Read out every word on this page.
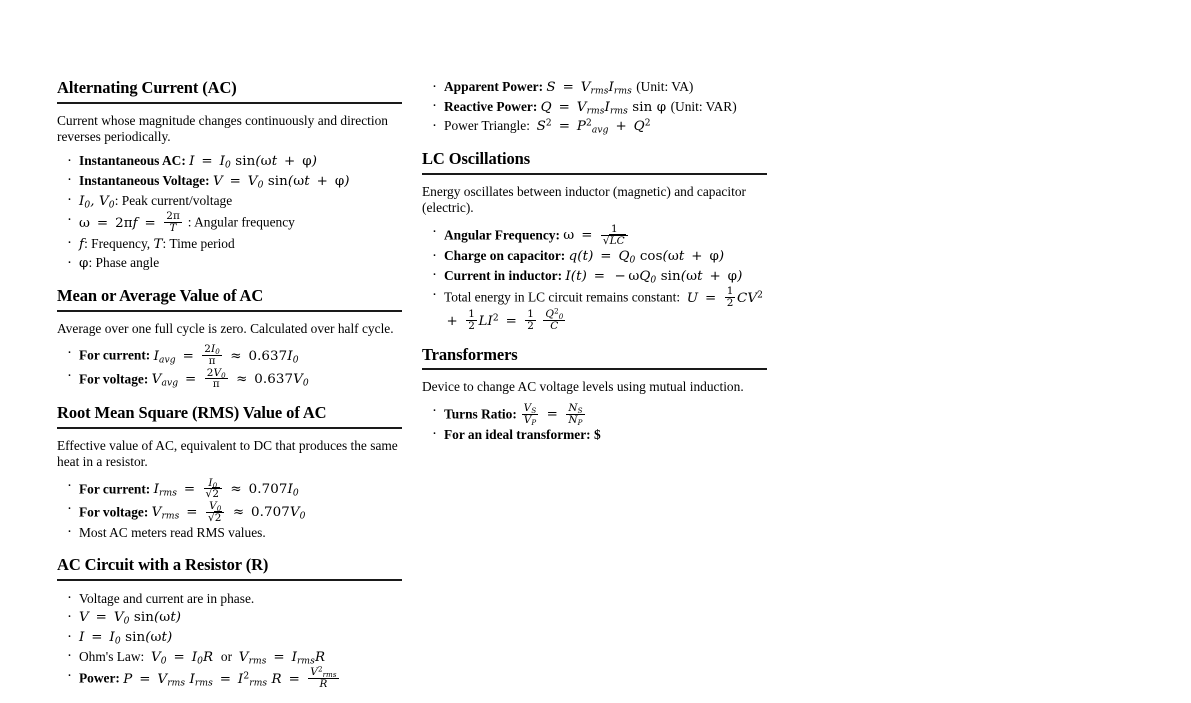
Alternating Current (AC)

Current whose magnitude changes continuously and direction reverses periodically.

· Instantaneous AC: $I = I_0$ sin(ωt + φ)
· Instantaneous Voltage: $V = V_0$ sin(ωt + φ)
· $I_0$, $V_0$: Peak current/voltage
· $\omega = 2\pi f = \frac{2\pi}{T}$ : Angular frequency
· f: Frequency, T: Time period
· φ: Phase angle
Mean or Average Value of AC

Average over one full cycle is zero. Calculated over half cycle.

· For current: $I_{avg} = \frac{2I_0}{\pi} \approx 0.637I_0$
· For voltage: $V_{avg} = \frac{2V_0}{\pi} \approx 0.637V_0$
Root Mean Square (RMS) Value of AC

Effective value of AC, equivalent to DC that produces the same heat in a resistor.

· For current: $I_{rms} = \frac{I_0}{√2} \approx 0.707I_0$
· For voltage: $V_{rms} = \frac{V_0}{√2} \approx 0.707V_0$
· Most AC meters read RMS values.
AC Circuit with a Resistor (R)
· Voltage and current are in phase.
· $V = V_0$ sin(ωt)
· $I = I_0$ sin(ωt)
· Ohm's Law:  $V_0 = I_0R$  or  $V_{rms} = I_{rms}R$
· Power: $P = V_{rms}$ $I_{rms} = I^2_{rms}$ $R = \frac{V^2_{rms}}{R}$
· Apparent Power: $S = V_{rms}I_{rms}$ (Unit: VA)
· Reactive Power: $Q = V_{rms}I_{rms}$ sin φ (Unit: VAR)
· Power Triangle:  $S^2 = P^2_{avg} + Q^2$
LC Oscillations

Energy oscillates between inductor (magnetic) and capacitor (electric).

· Angular Frequency: $\omega = \frac{1}{√LC}$
· Charge on capacitor: $q(t) = Q_0$ cos(ωt + φ)
· Current in inductor: I(t) = − $\omega Q_0$ sin(ωt + φ)
· Total energy in LC circuit remains constant:  $U = \frac{1}{2} CV^2 + \frac{1}{2} LI^2 = \frac{1}{2}$
$\frac{Q^2_0}{C}$
Transformers

Device to change AC voltage levels using mutual induction.

· Turns Ratio: $\frac{V_S}{V_P} = \frac{N_S}{N_P}$
· For an ideal transformer: $
